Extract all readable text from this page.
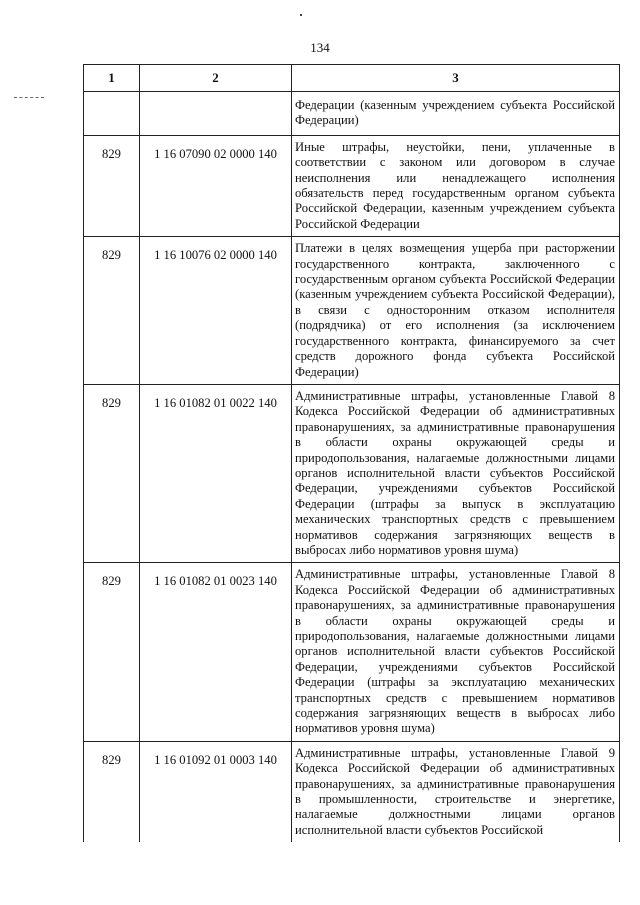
134
1	2	3
		Федерации (казенным учреждением субъекта Российской Федерации)
829	1 16 07090 02 0000 140	Иные штрафы, неустойки, пени, уплаченные в соответствии с законом или договором в случае неисполнения или ненадлежащего исполнения обязательств перед государственным органом субъекта Российской Федерации, казенным учреждением субъекта Российской Федерации
829	1 16 10076 02 0000 140	Платежи в целях возмещения ущерба при расторжении государственного контракта, заключенного с государственным органом субъекта Российской Федерации (казенным учреждением субъекта Российской Федерации), в связи с односторонним отказом исполнителя (подрядчика) от его исполнения (за исключением государственного контракта, финансируемого за счет средств дорожного фонда субъекта Российской Федерации)
829	1 16 01082 01 0022 140	Административные штрафы, установленные Главой 8 Кодекса Российской Федерации об административных правонарушениях, за административные правонарушения в области охраны окружающей среды и природопользования, налагаемые должностными лицами органов исполнительной власти субъектов Российской Федерации, учреждениями субъектов Российской Федерации (штрафы за выпуск в эксплуатацию механических транспортных средств с превышением нормативов содержания загрязняющих веществ в выбросах либо нормативов уровня шума)
829	1 16 01082 01 0023 140	Административные штрафы, установленные Главой 8 Кодекса Российской Федерации об административных правонарушениях, за административные правонарушения в области охраны окружающей среды и природопользования, налагаемые должностными лицами органов исполнительной власти субъектов Российской Федерации, учреждениями субъектов Российской Федерации (штрафы за эксплуатацию механических транспортных средств с превышением нормативов содержания загрязняющих веществ в выбросах либо нормативов уровня шума)
829	1 16 01092 01 0003 140	Административные штрафы, установленные Главой 9 Кодекса Российской Федерации об административных правонарушениях, за административные правонарушения в промышленности, строительстве и энергетике, налагаемые должностными лицами органов исполнительной власти субъектов Российской
